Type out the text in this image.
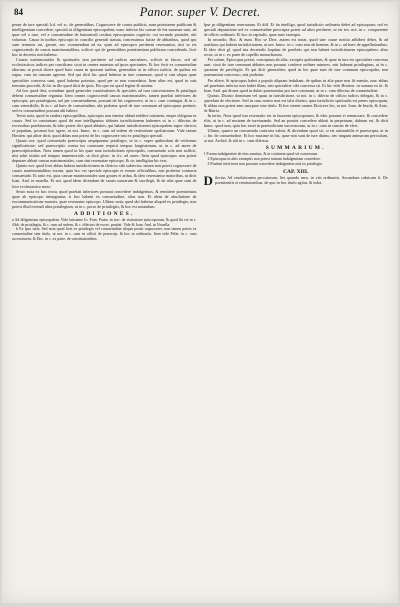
84	Panor. super V. Decret.

peratr de iure speciali h.d. vel sc. de generalibus. Cognoscere de causis publicis, nam potestatem publicam & intelligentiam concedere, speciali ut diligentiam episcopalem; nunc inferior his causae de his summae sunt, ad quas vel a iure, vel a consuetudine de huiusmodi casibus episcoporum cognitio: cui secundo prouidet, ubi volumus. Causa in iuribus episcopis in concilio generali statuta, concessimus fuisse de abbatibus, quod ipsi suae terminis usi, gerunt, nec commendant ad ea, quae ad episcopos pertinent reseruantur, nisi in eis cognoscendo de causis matrimonialibus, scilicet qui de generalibus poenitentiam publicam concedendo, licet hoc in decretis non habetur.

Causas matrimoniales & spirituales non pertinere ad iudices saeculares, scilicet ut laicos, sed ad ecclesiasticos iudices per concilium: sicut in omnes materias ad ipsos spectantes. Et hoc fecit ex consuetudine aliorum, ut possit dicere quod haec causa in ipsorum iuribus, generaliter ut in officio iudicis, de quibus est supra, cum ita causam agerent. Sed qui dicit hic quod habetur in iure communi, quod si sint aliqua quae specialiter concessa sunt, quod habetur potestas, quod per se non concedatur. Item alius est, quod in suis terminis procedit, & hic in illo quod dicit de ipsis. Pro quo est quod legitur & notatur.

Ad hoc quod dixi, sciendum quod generales constitutiones & speciales ad iura concessionem & priuilegia debent consuetudine reguntur. Item omnes cognoscendi causas matrimoniales, tamen praelati inferiores ab episcopis, per priuilegium, uel per consuetudinem, possunt de his cognoscere, ut in c. cum contingat, & in c. cum venerabilis, & in c. ad haec de consuetudine, ubi probatur quod de iure communi ad episcopum pertinet; sed ex consuetudine possunt alii habere.

Tertio nota, quod in casibus episcopalibus, episcopus non tenetur abbati reddere rationem, neque obligatur in causis. Sed in contrarium quod ibi non intelliguntur abbates iurisdictionem habentes ut in c. dilectus de excessibus praelatorum, & ideo potest dici quod abbates, qui habent iurisdictionem episcopalem super clericos et populum, possunt hoc agere, ut not. Innoc. in c. cum ad sedem de restitutione spoliatorum. Vide tamen Hostien. qui aliter dicit, quod abbas non potest de his cognoscere nisi ex priuilegio speciali.

Quarto not. quod consuetudo praescripta aequiparatur priuilegio, ut in c. super quibusdam de verborum significatione; sed praescriptio contra ius commune requirit tempus longissimum, ut in c. ad aures de praescriptionibus. Nota tamen quod in his quae sunt iurisdictionis episcopalis, consuetudo sola non sufficit, nisi adsit titulus uel tempus immemoriale, ut dicit gloss. in d.c. ad aures. Item quod episcopus non potest deputare abbati causas matrimoniales, cum sint reseruatae episcopo, & sic intelligitur hic text.

Quinto not. quod licet abbas habeat iurisdictionem in clericos sibi subiectos, tamen non potest cognoscere de causis matrimonialibus eorum, quia hoc est speciale episcopis et eorum officialibus, nisi probetur contraria consuetudo. Et ratio est, quia causae matrimoniales sunt graues et ardua, & ideo reseruantur maioribus, ut dicit Ioan. And. in nouella. Et not. quod idem dicendum de causis usurarum & sacrilegii, & de aliis quae sunt de foro ecclesiastico mero.

Sexto nota ex hoc textu, quod praelati inferiores possunt concedere indulgentias, & remittere poenitentias quae ab episcopo iniunguntur, si hoc habent ex consuetudine, alias non. Et idem de absolutione ab excommunicatione maioris, quae reseruatur episcopo. Ultimo nota, quod ubi habetur aliquid ex priuilegio, non potest illud extendi ultra priuilegium, ut in c. porro de priuilegiis, & hoc est notandum.

ADDITIONES.

a Ad diligentiam episcopalem. Vide latissime Io. Fran. Pauin. in trac. de visitatione episcoporum, & quod ibi est in c. Abb. de priuilegiis, & c. cum ad sedem, & c. dilectus de exces. praelat. Vide & Ioan. And. in Nouella.

b Ex ipso iuris. Sed nota quod licet ex priuilegio vel consuetudine aliquis possit cognoscere, non tamen potest ex consuetudine sine titulo, ut not. in c. cum ex officii de praescrip. & hoc in ordinariis. Item vide Felin. in c. cum accessissent, & Dec. in c. ex parte, de constitutionibus.

Ipse pr diligentiam reseruatam. Et diff. Et ita intelligo, quod iurisdictio ordinaria debet ad episcopum; sed ex speciali deputatione uel ex consuetudine prescripta potest ad alios pertinere, ut est tex. not. in c. conquerente de officio ordinarii. Et hoc in capitulis, quae sunt exempta.

In secundo, Hoc. & num. Hoc se Decr. autem est notat, quod sine cause notitia adhiberi debet, & ad praelatos qui habent iurisdictionem, ut not. Innoc. in c. cum non ab homine, & in c. ad haec de appellationibus. Et ideo dicit gl. quod ista decretalis loquitur de praelatis qui non habent iurisdictionem episcopalem: alias secus, ut in c. ex parte de capellis monachorum.

Per solum, Episcopus potest, conceptum ab aliis, exceptis quibusdam, & quae in iure eis specialiter concessa sunt: sicut de iure communi abbates non possunt conferre ordines minores, nisi habeant priuilegium, ut in c. quoniam de privilegiis. Et qui dicit generaliter, quod in his quae sunt de iure communi episcopalia, non praesumitur concessio, nisi probetur.

Pro altere, Si episcopus habet a populo aliquam indultam, de quibus in alia parte non fit mentio, tunc abbas uel praelatus inferior non habet illam, nisi specialiter sibi concessa sit. Et hic vide Hostien. in summa eo tit. & Ioan. And. qui dicunt quod in dubio praesumitur pro iure communi, ut in c. cum dilectus de consuetudine.

Quinto, Diuisio dominum vel quasi in iurisdictione, ut not. in c. dilecto de officio iudicis delegati, & in c. querelam de electione. Sed in casu nostro non est talis diuisio, quia iurisdictio spiritualis est penes episcopum, & abbas non potest eam usurpare sine titulo. Et hoc tenent omnes Doctores hic, ut not. Ioan. de Imola, & Anto. de Butrio.

In tertio, Nota quod ista reseruatio est in fauorem episcoporum, & ideo possunt ei renunciare, & concedere aliis, ut in c. ad nostram de iureiurando. Sed an possint concedere abbati in perpetuum, dubium est, & dicit Innoc. quod non, quia hoc esset in praeiudicium successorum, ut in c. cum in cunctis de elect.

Ultimo, quaero an consuetudo contraria valeat, & dicendum quod sic, si est rationabilis et praescripta, ut in c. fin. de consuetudine. Et hoc maxime in his, quae non sunt de iure diuino, nec tangunt animarum periculum, ut not. Archid. & alii in c. cum dilectus.

SUMMARIUM.

1 Forma indulgentiae ab eius sumitur, & ut contineat quod sit concessum.

2 Episcopus in aliis exemptis non potest tantum indulgentiam concedere.

3 Praelati inferiores non possunt concedere indulgentias nisi ex priuilegio.

CAP. XIII.

Dilectus Ad reuelationem peccatorum, fiet quando mea, in viis ordinariis. Secundum rubricam lt. De poenitentiis et remissionibus, de quo in hoc titulo agitur, & infra.
